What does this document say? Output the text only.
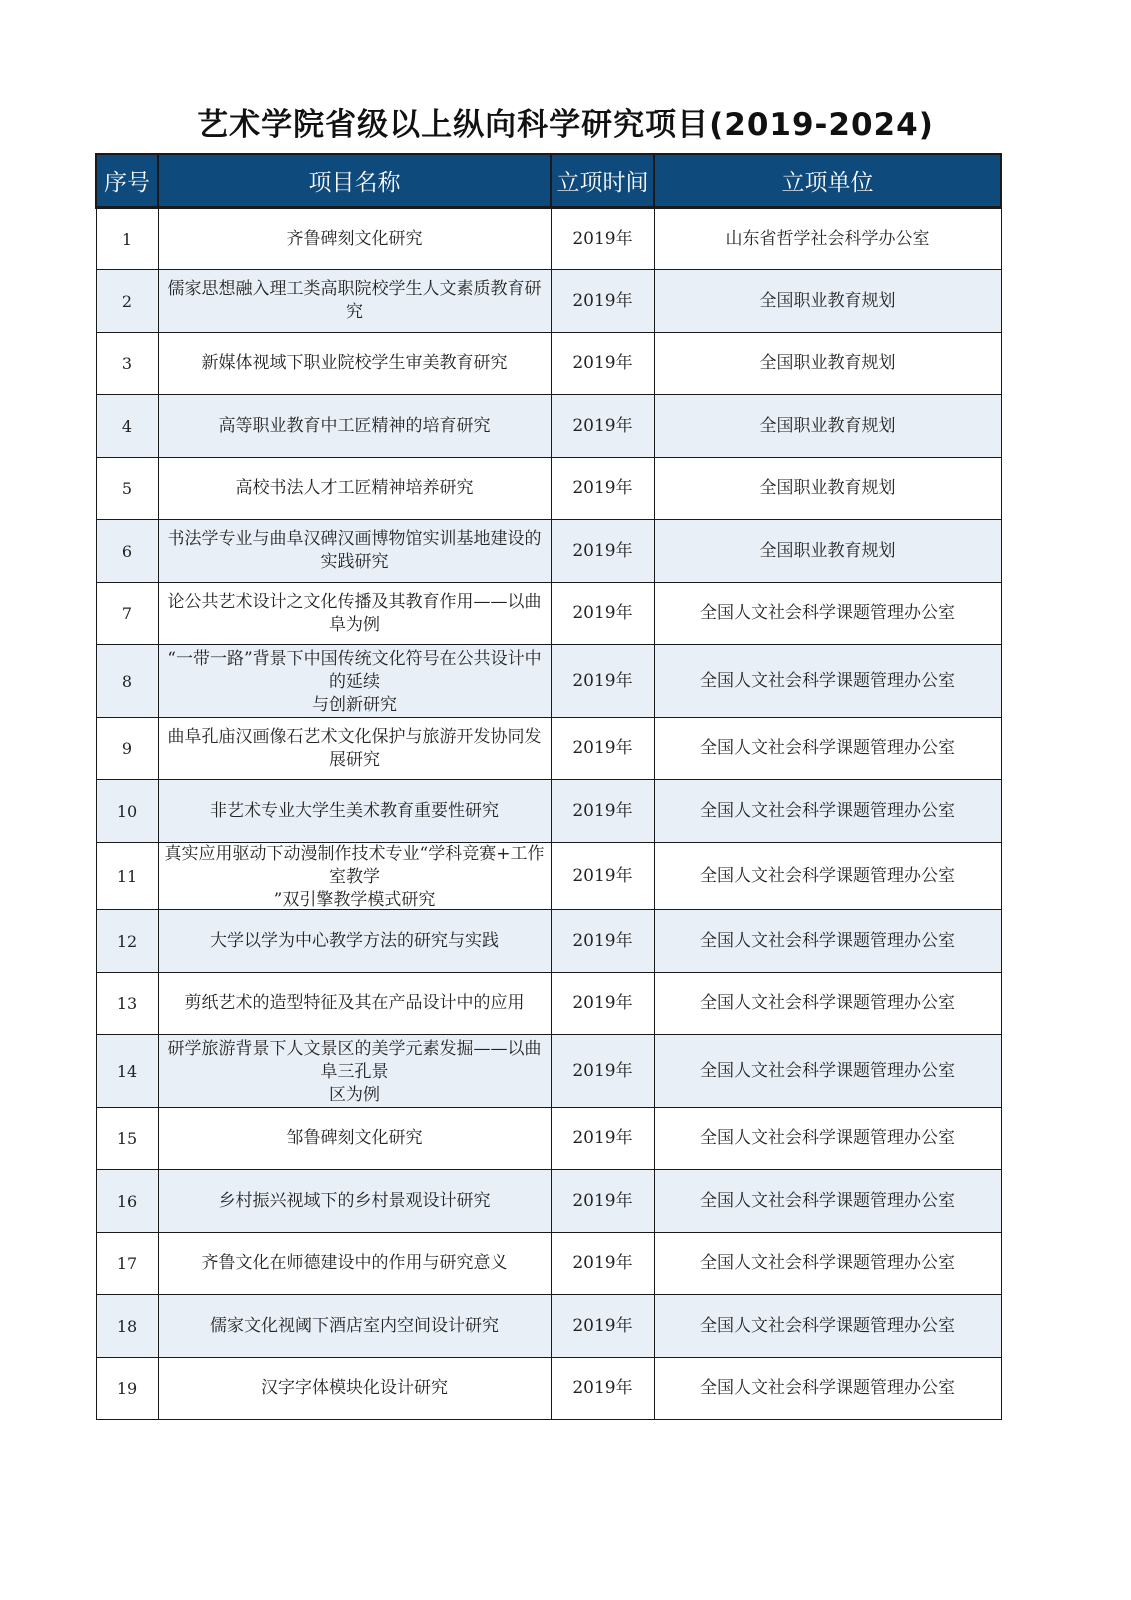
艺术学院省级以上纵向科学研究项目(2019-2024)
序号	项目名称	立项时间	立项单位

1	齐鲁碑刻文化研究	2019年	山东省哲学社会科学办公室

2	儒家思想融入理工类高职院校学生人文素质教育研究	2019年	全国职业教育规划

3	新媒体视域下职业院校学生审美教育研究	2019年	全国职业教育规划

4	高等职业教育中工匠精神的培育研究	2019年	全国职业教育规划

5	高校书法人才工匠精神培养研究	2019年	全国职业教育规划

6	书法学专业与曲阜汉碑汉画博物馆实训基地建设的实践研究	2019年	全国职业教育规划

7	论公共艺术设计之文化传播及其教育作用——以曲阜为例	2019年	全国人文社会科学课题管理办公室

8	“一带一路”背景下中国传统文化符号在公共设计中的延续
与创新研究	2019年	全国人文社会科学课题管理办公室

9	曲阜孔庙汉画像石艺术文化保护与旅游开发协同发展研究	2019年	全国人文社会科学课题管理办公室

10	非艺术专业大学生美术教育重要性研究	2019年	全国人文社会科学课题管理办公室

11	真实应用驱动下动漫制作技术专业“学科竞赛+工作室教学
”双引擎教学模式研究	2019年	全国人文社会科学课题管理办公室

12	大学以学为中心教学方法的研究与实践	2019年	全国人文社会科学课题管理办公室

13	剪纸艺术的造型特征及其在产品设计中的应用	2019年	全国人文社会科学课题管理办公室

14	研学旅游背景下人文景区的美学元素发掘——以曲阜三孔景
区为例	2019年	全国人文社会科学课题管理办公室

15	邹鲁碑刻文化研究	2019年	全国人文社会科学课题管理办公室

16	乡村振兴视域下的乡村景观设计研究	2019年	全国人文社会科学课题管理办公室

17	齐鲁文化在师德建设中的作用与研究意义	2019年	全国人文社会科学课题管理办公室

18	儒家文化视阈下酒店室内空间设计研究	2019年	全国人文社会科学课题管理办公室

19	汉字字体模块化设计研究	2019年	全国人文社会科学课题管理办公室
